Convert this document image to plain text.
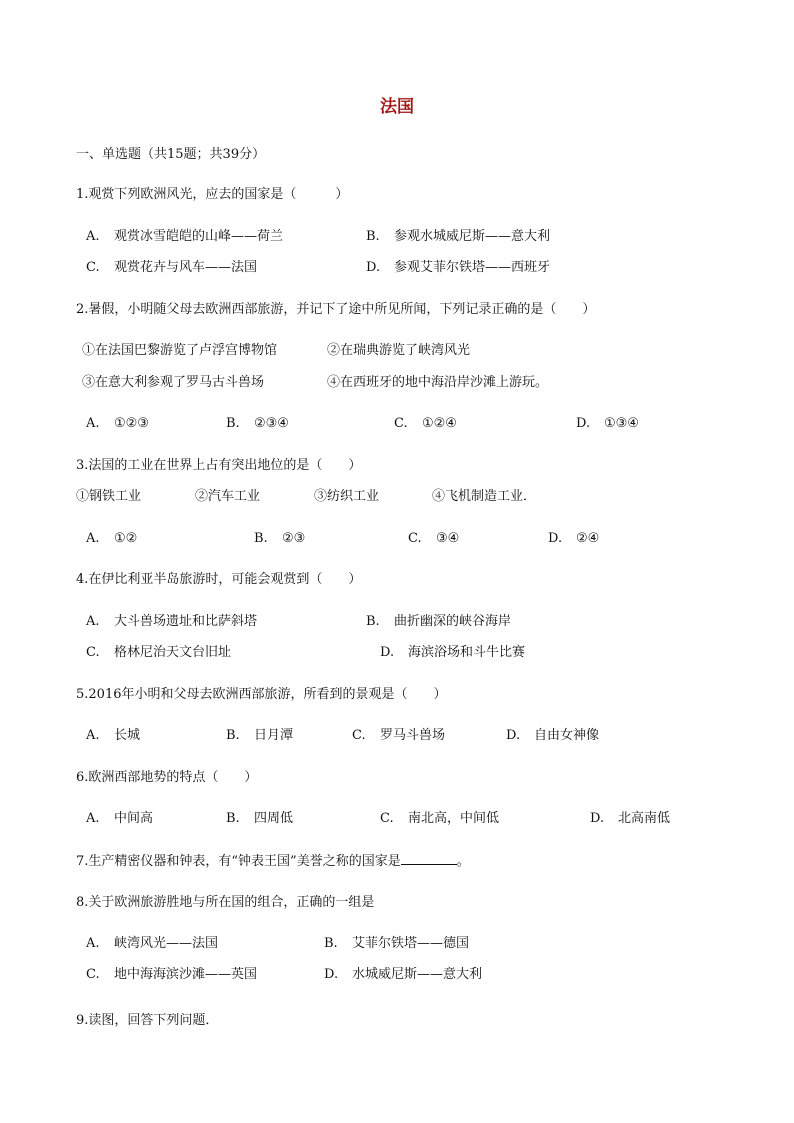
法国
一、单选题（共15题；共39分）
1.观赏下列欧洲风光，应去的国家是（　　　）
A. 观赏冰雪皑皑的山峰——荷兰	B. 参观水城威尼斯——意大利
C. 观赏花卉与风车——法国	D. 参观艾菲尔铁塔——西班牙
2.暑假，小明随父母去欧洲西部旅游，并记下了途中所见所闻，下列记录正确的是（　　）
①在法国巴黎游览了卢浮宫博物馆	②在瑞典游览了峡湾风光
③在意大利参观了罗马古斗兽场	④在西班牙的地中海沿岸沙滩上游玩。
A. ①②③	B. ②③④	C. ①②④	D. ①③④
3.法国的工业在世界上占有突出地位的是（　　）
①钢铁工业	②汽车工业	③纺织工业	④飞机制造工业．
A. ①②	B. ②③	C. ③④	D. ②④
4.在伊比利亚半岛旅游时，可能会观赏到（　　）
A. 大斗兽场遗址和比萨斜塔	B. 曲折幽深的峡谷海岸
C. 格林尼治天文台旧址	D. 海滨浴场和斗牛比赛
5.2016年小明和父母去欧洲西部旅游，所看到的景观是（　　）
A. 长城	B. 日月潭	C. 罗马斗兽场	D. 自由女神像
6.欧洲西部地势的特点（　　）
A. 中间高	B. 四周低	C. 南北高，中间低	D. 北高南低
7.生产精密仪器和钟表，有“钟表王国”美誉之称的国家是	。
8.关于欧洲旅游胜地与所在国的组合，正确的一组是
A. 峡湾风光——法国	B. 艾菲尔铁塔——德国
C. 地中海海滨沙滩——英国	D. 水城威尼斯——意大利
9.读图，回答下列问题．
